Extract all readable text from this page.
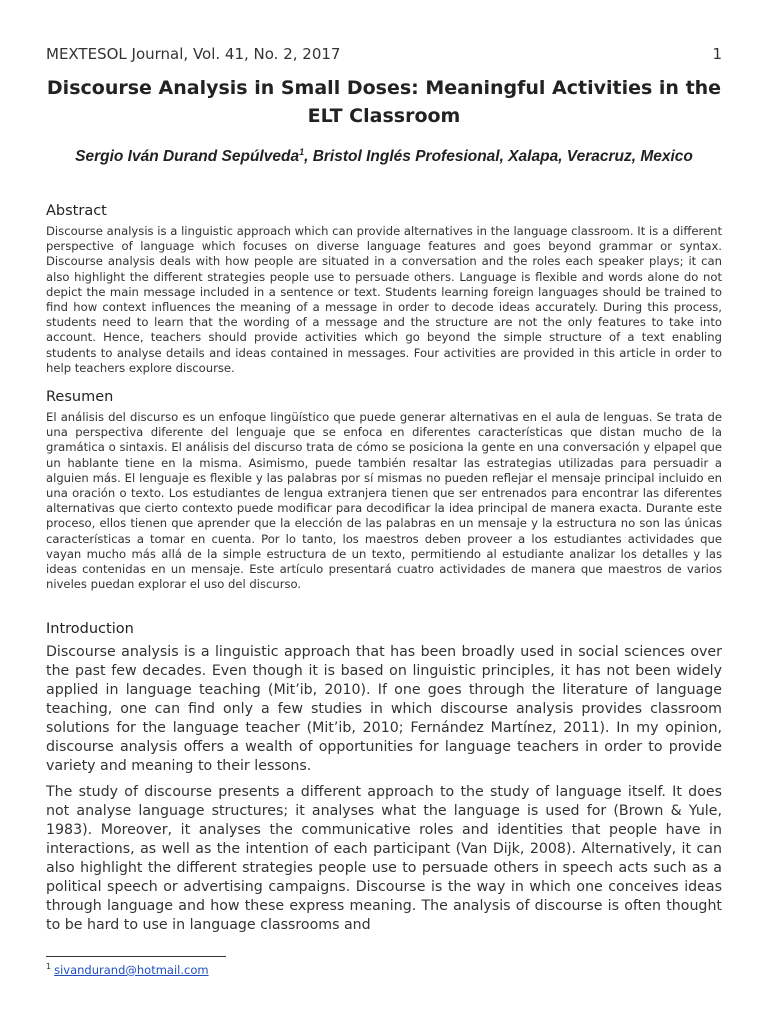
MEXTESOL Journal, Vol. 41, No. 2, 2017	1
Discourse Analysis in Small Doses: Meaningful Activities in the ELT Classroom
Sergio Iván Durand Sepúlveda$^1$, Bristol Inglés Profesional, Xalapa, Veracruz, Mexico
Abstract
Discourse analysis is a linguistic approach which can provide alternatives in the language classroom. It is a different perspective of language which focuses on diverse language features and goes beyond grammar or syntax. Discourse analysis deals with how people are situated in a conversation and the roles each speaker plays; it can also highlight the different strategies people use to persuade others. Language is flexible and words alone do not depict the main message included in a sentence or text. Students learning foreign languages should be trained to find how context influences the meaning of a message in order to decode ideas accurately. During this process, students need to learn that the wording of a message and the structure are not the only features to take into account. Hence, teachers should provide activities which go beyond the simple structure of a text enabling students to analyse details and ideas contained in messages. Four activities are provided in this article in order to help teachers explore discourse.
Resumen
El análisis del discurso es un enfoque lingüístico que puede generar alternativas en el aula de lenguas. Se trata de una perspectiva diferente del lenguaje que se enfoca en diferentes características que distan mucho de la gramática o sintaxis. El análisis del discurso trata de cómo se posiciona la gente en una conversación y elpapel que un hablante tiene en la misma. Asimismo, puede también resaltar las estrategias utilizadas para persuadir a alguien más. El lenguaje es flexible y las palabras por sí mismas no pueden reflejar el mensaje principal incluido en una oración o texto. Los estudiantes de lengua extranjera tienen que ser entrenados para encontrar las diferentes alternativas que cierto contexto puede modificar para decodificar la idea principal de manera exacta. Durante este proceso, ellos tienen que aprender que la elección de las palabras en un mensaje y la estructura no son las únicas características a tomar en cuenta. Por lo tanto, los maestros deben proveer a los estudiantes actividades que vayan mucho más allá de la simple estructura de un texto, permitiendo al estudiante analizar los detalles y las ideas contenidas en un mensaje. Este artículo presentará cuatro actividades de manera que maestros de varios niveles puedan explorar el uso del discurso.
Introduction
Discourse analysis is a linguistic approach that has been broadly used in social sciences over the past few decades. Even though it is based on linguistic principles, it has not been widely applied in language teaching (Mit’ib, 2010). If one goes through the literature of language teaching, one can find only a few studies in which discourse analysis provides classroom solutions for the language teacher (Mit’ib, 2010; Fernández Martínez, 2011). In my opinion, discourse analysis offers a wealth of opportunities for language teachers in order to provide variety and meaning to their lessons.
The study of discourse presents a different approach to the study of language itself. It does not analyse language structures; it analyses what the language is used for (Brown & Yule, 1983). Moreover, it analyses the communicative roles and identities that people have in interactions, as well as the intention of each participant (Van Dijk, 2008). Alternatively, it can also highlight the different strategies people use to persuade others in speech acts such as a political speech or advertising campaigns. Discourse is the way in which one conceives ideas through language and how these express meaning. The analysis of discourse is often thought to be hard to use in language classrooms and
$^1$ sivandurand@hotmail.com
